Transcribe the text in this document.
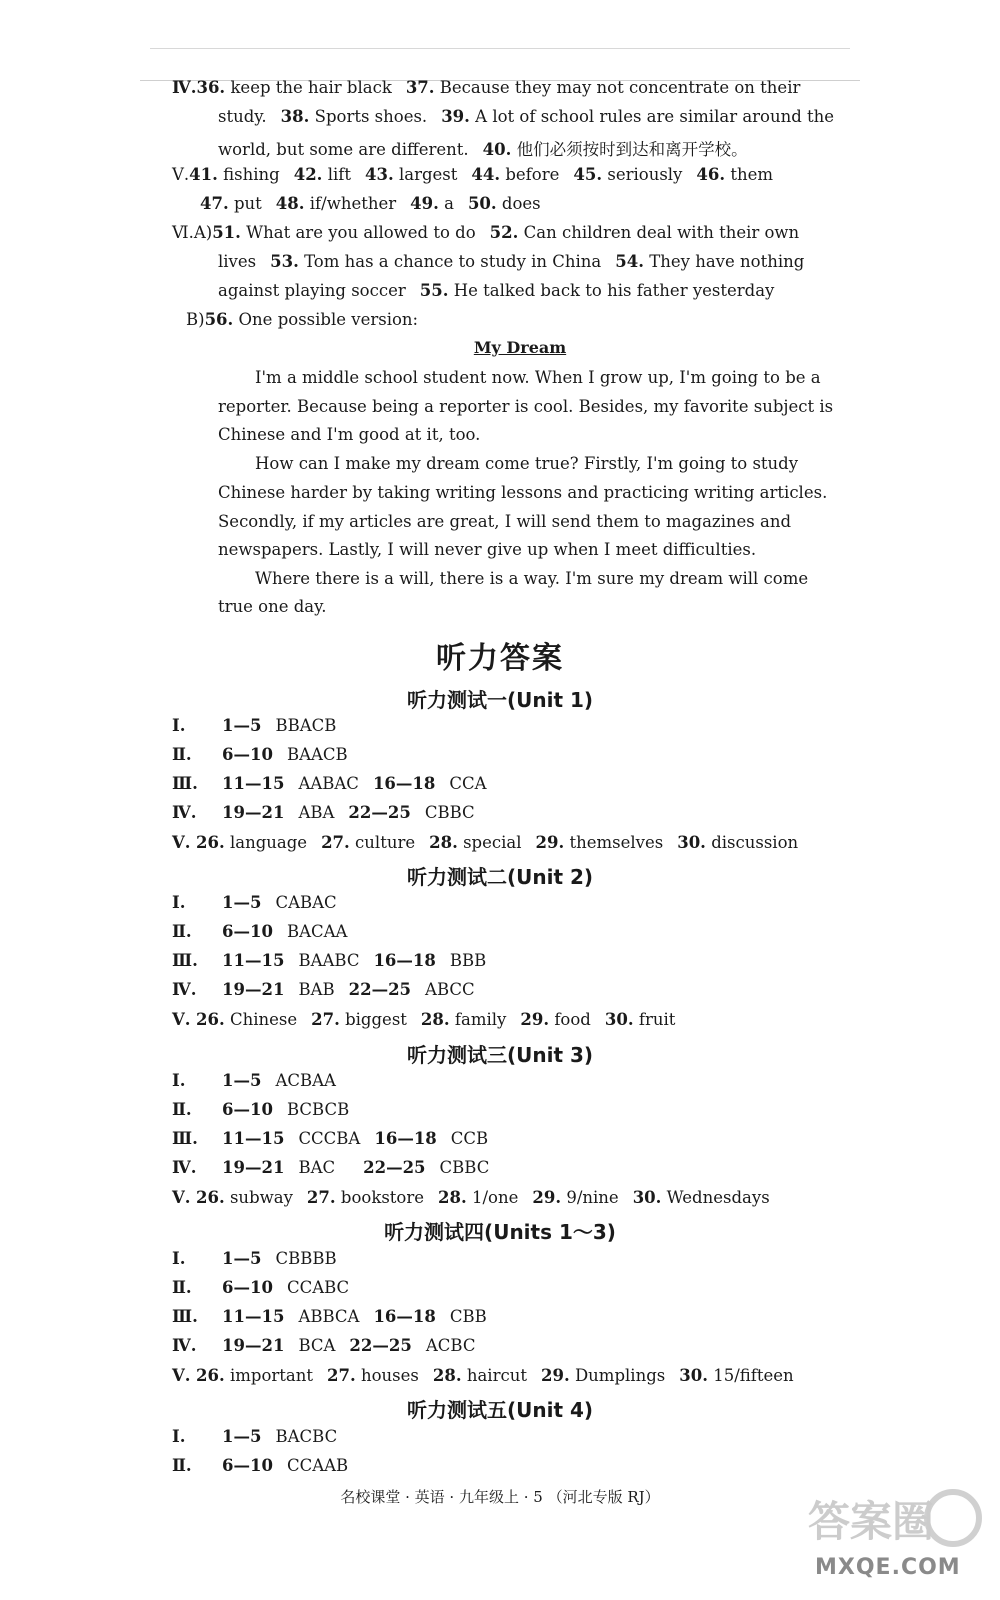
Ⅳ.36. keep the hair black 37. Because they may not concentrate on their
study. 38. Sports shoes. 39. A lot of school rules are similar around the
world, but some are different. 40. 他们必须按时到达和离开学校。
Ⅴ.41. fishing 42. lift 43. largest 44. before 45. seriously 46. them
47. put 48. if/whether 49. a 50. does
Ⅵ.A)51. What are you allowed to do 52. Can children deal with their own
lives 53. Tom has a chance to study in China 54. They have nothing
against playing soccer 55. He talked back to his father yesterday
B)56. One possible version:
My Dream
I'm a middle school student now. When I grow up, I'm going to be a
reporter. Because being a reporter is cool. Besides, my favorite subject is
Chinese and I'm good at it, too.
How can I make my dream come true? Firstly, I'm going to study
Chinese harder by taking writing lessons and practicing writing articles.
Secondly, if my articles are great, I will send them to magazines and
newspapers. Lastly, I will never give up when I meet difficulties.
Where there is a will, there is a way. I'm sure my dream will come
true one day.
听力答案
听力测试一(Unit 1)
Ⅰ. 1—5 BBACB
Ⅱ. 6—10 BAACB
Ⅲ. 11—15 AABAC 16—18 CCA
Ⅳ. 19—21 ABA 22—25 CBBC
Ⅴ. 26. language 27. culture 28. special 29. themselves 30. discussion
听力测试二(Unit 2)
Ⅰ. 1—5 CABAC
Ⅱ. 6—10 BACAA
Ⅲ. 11—15 BAABC 16—18 BBB
Ⅳ. 19—21 BAB 22—25 ABCC
Ⅴ. 26. Chinese 27. biggest 28. family 29. food 30. fruit
听力测试三(Unit 3)
Ⅰ. 1—5 ACBAA
Ⅱ. 6—10 BCBCB
Ⅲ. 11—15 CCCBA 16—18 CCB
Ⅳ. 19—21 BAC 22—25 CBBC
Ⅴ. 26. subway 27. bookstore 28. 1/one 29. 9/nine 30. Wednesdays
听力测试四(Units 1～3)
Ⅰ. 1—5 CBBBB
Ⅱ. 6—10 CCABC
Ⅲ. 11—15 ABBCA 16—18 CBB
Ⅳ. 19—21 BCA 22—25 ACBC
Ⅴ. 26. important 27. houses 28. haircut 29. Dumplings 30. 15/fifteen
听力测试五(Unit 4)
Ⅰ. 1—5 BACBC
Ⅱ. 6—10 CCAAB
名校课堂 · 英语 · 九年级上 · 5 （河北专版 RJ）	答案圈
MXQE.COM
